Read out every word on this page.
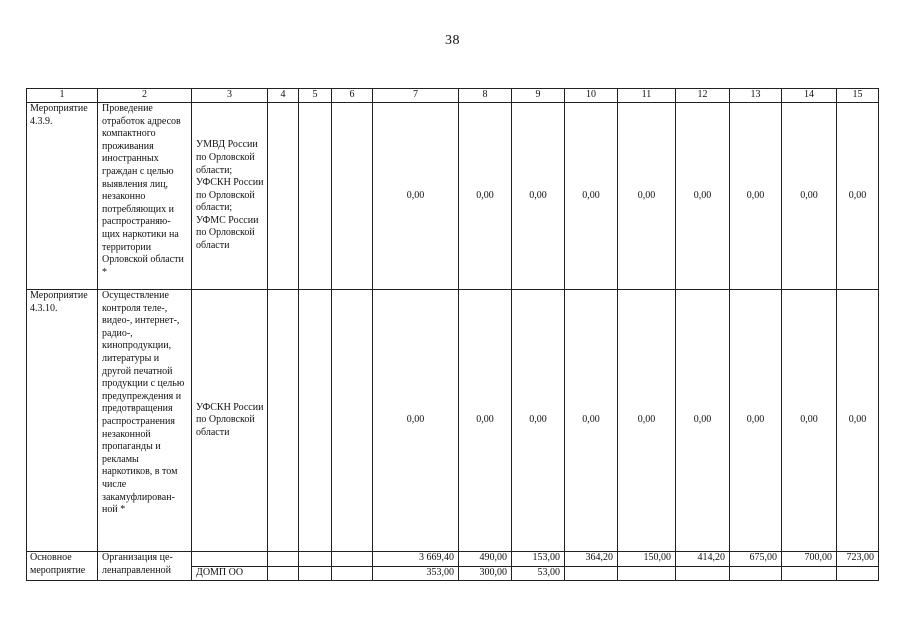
38
1	2	3	4	5	6	7	8	9	10	11	12	13	14	15
Мероприятие 4.3.9.	Проведение отработок адресов компактного проживания иностранных граждан с целью выявления лиц, незаконно потребляющих и распространяю-щих наркотики на территории Орловской области *	УМВД России по Орловской области; УФСКН России по Орловской области; УФМС России по Орловской области				0,00	0,00	0,00	0,00	0,00	0,00	0,00	0,00	0,00
Мероприятие 4.3.10.	Осуществление контроля теле-, видео-, интернет-, радио-, кинопродукции, литературы и другой печатной продукции с целью предупреждения и предотвращения распространения незаконной пропаганды и рекламы наркотиков, в том числе закамуфлирован-ной *	УФСКН России по Орловской области				0,00	0,00	0,00	0,00	0,00	0,00	0,00	0,00	0,00
Основное мероприятие	Организация це-ленаправленной					3 669,40	490,00	153,00	364,20	150,00	414,20	675,00	700,00	723,00
		ДОМП ОО				353,00	300,00	53,00						
